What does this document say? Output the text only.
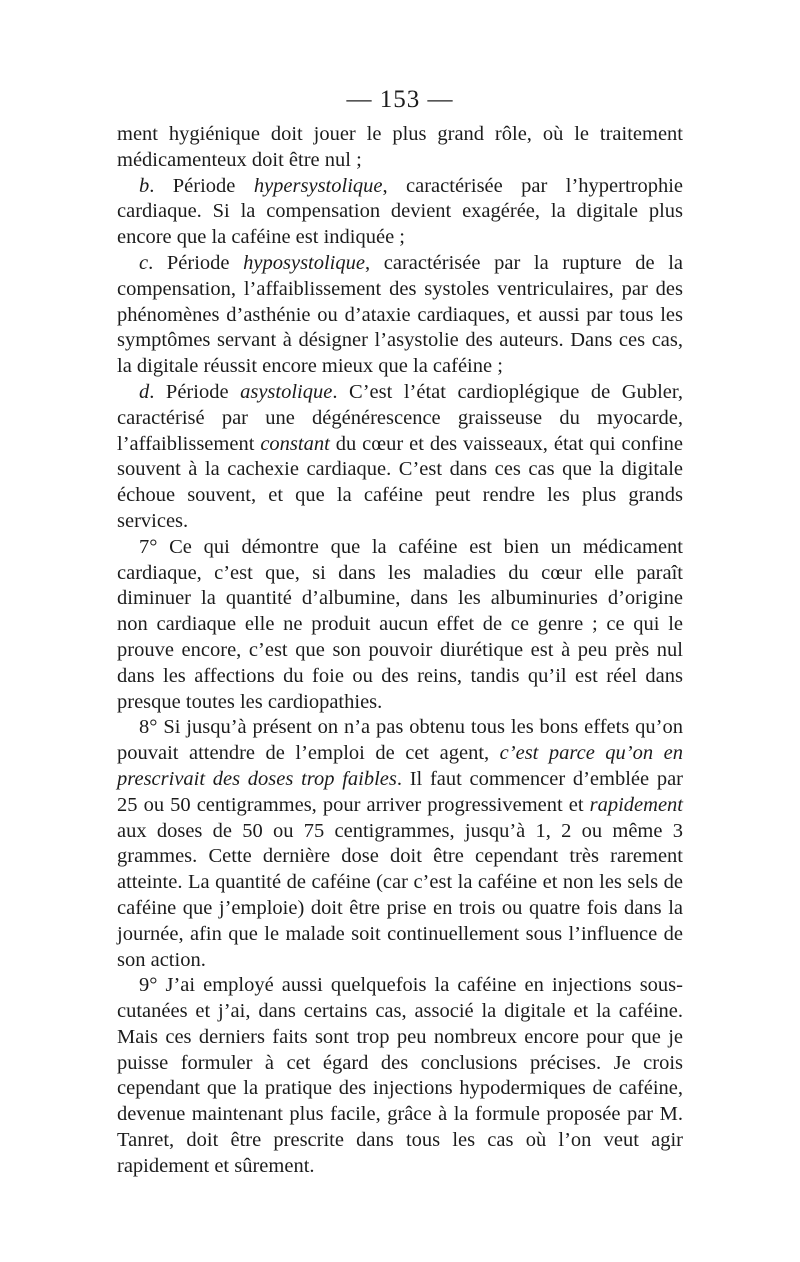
— 153 —

ment hygiénique doit jouer le plus grand rôle, où le traitement médicamenteux doit être nul ;

b. Période hypersystolique, caractérisée par l’hypertrophie cardiaque. Si la compensation devient exagérée, la digitale plus encore que la caféine est indiquée ;

c. Période hyposystolique, caractérisée par la rupture de la compensation, l’affaiblissement des systoles ventriculaires, par des phénomènes d’asthénie ou d’ataxie cardiaques, et aussi par tous les symptômes servant à désigner l’asystolie des auteurs. Dans ces cas, la digitale réussit encore mieux que la caféine ;

d. Période asystolique. C’est l’état cardioplégique de Gubler, caractérisé par une dégénérescence graisseuse du myocarde, l’affaiblissement constant du cœur et des vaisseaux, état qui confine souvent à la cachexie cardiaque. C’est dans ces cas que la digitale échoue souvent, et que la caféine peut rendre les plus grands services.

7° Ce qui démontre que la caféine est bien un médicament cardiaque, c’est que, si dans les maladies du cœur elle paraît diminuer la quantité d’albumine, dans les albuminuries d’origine non cardiaque elle ne produit aucun effet de ce genre ; ce qui le prouve encore, c’est que son pouvoir diurétique est à peu près nul dans les affections du foie ou des reins, tandis qu’il est réel dans presque toutes les cardiopathies.

8° Si jusqu’à présent on n’a pas obtenu tous les bons effets qu’on pouvait attendre de l’emploi de cet agent, c’est parce qu’on en prescrivait des doses trop faibles. Il faut commencer d’emblée par 25 ou 50 centigrammes, pour arriver progressivement et rapidement aux doses de 50 ou 75 centigrammes, jusqu’à 1, 2 ou même 3 grammes. Cette dernière dose doit être cependant très rarement atteinte. La quantité de caféine (car c’est la caféine et non les sels de caféine que j’emploie) doit être prise en trois ou quatre fois dans la journée, afin que le malade soit continuellement sous l’influence de son action.

9° J’ai employé aussi quelquefois la caféine en injections sous-cutanées et j’ai, dans certains cas, associé la digitale et la caféine. Mais ces derniers faits sont trop peu nombreux encore pour que je puisse formuler à cet égard des conclusions précises. Je crois cependant que la pratique des injections hypodermiques de caféine, devenue maintenant plus facile, grâce à la formule proposée par M. Tanret, doit être prescrite dans tous les cas où l’on veut agir rapidement et sûrement.
